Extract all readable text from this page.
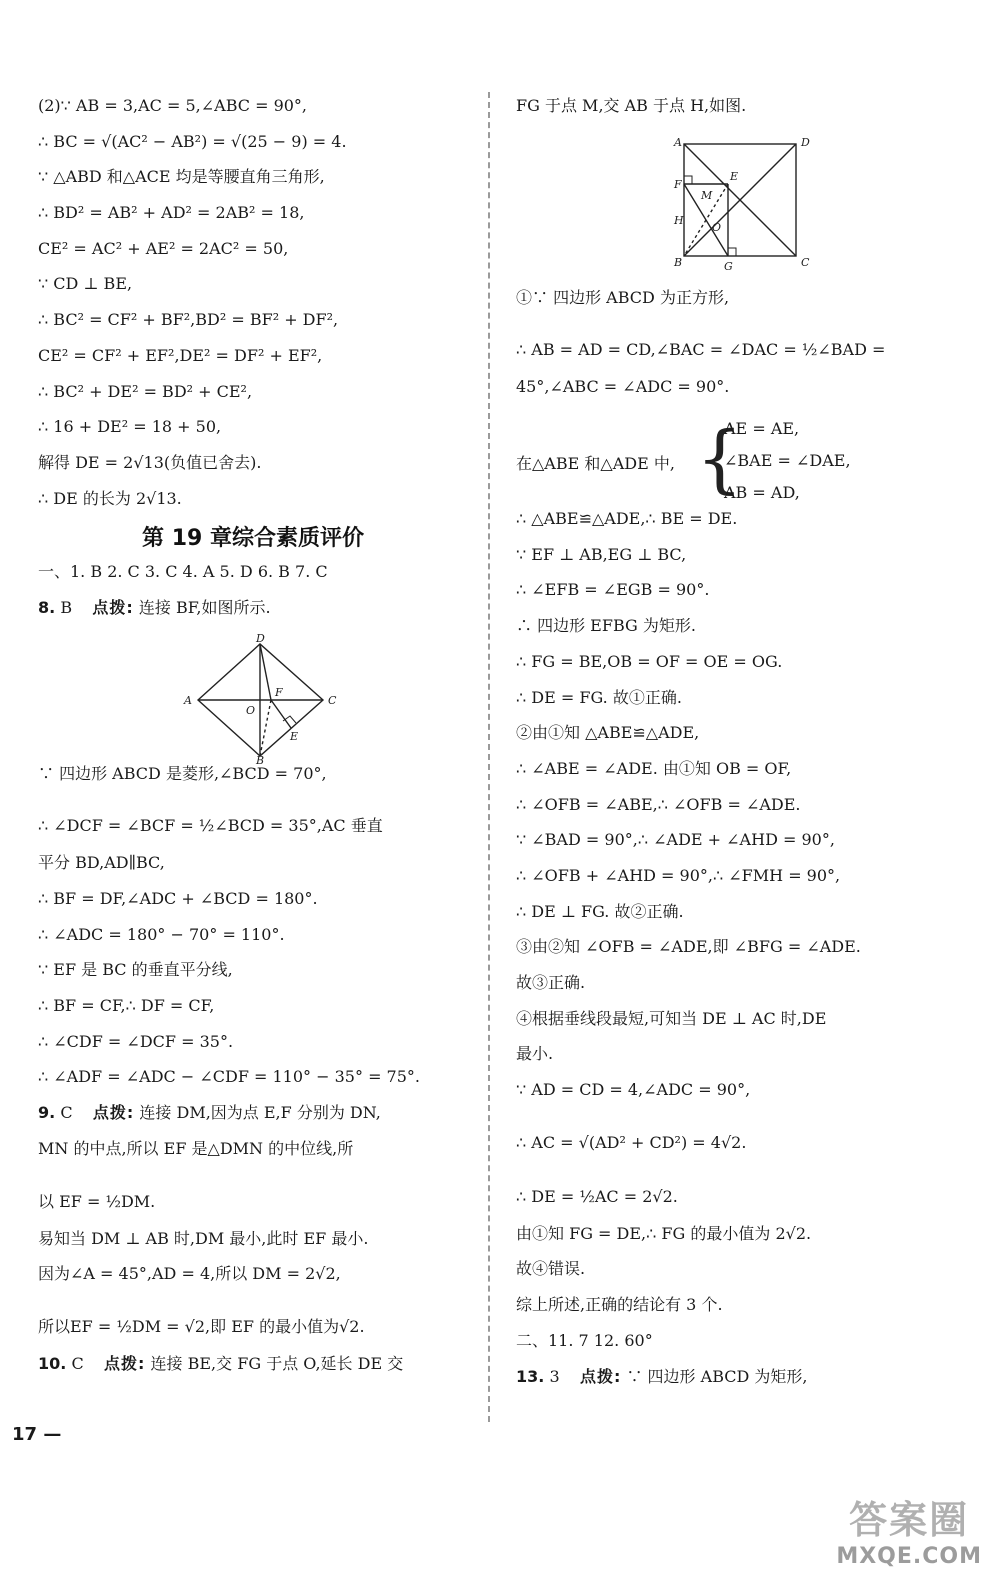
(2)∵ AB = 3,AC = 5,∠ABC = 90°,
∴ BC = √(AC² − AB²) = √(25 − 9) = 4.
∵ △ABD 和△ACE 均是等腰直角三角形,
∴ BD² = AB² + AD² = 2AB² = 18,
CE² = AC² + AE² = 2AC² = 50,
∵ CD ⊥ BE,
∴ BC² = CF² + BF²,BD² = BF² + DF²,
CE² = CF² + EF²,DE² = DF² + EF²,
∴ BC² + DE² = BD² + CE²,
∴ 16 + DE² = 18 + 50,
解得 DE = 2√13(负值已舍去).
∴ DE 的长为 2√13.
第 19 章综合素质评价
一、1. B 2. C 3. C 4. A 5. D 6. B 7. C
8. B 点拨: 连接 BF,如图所示.
D
A
O
F
C
E
B
∵ 四边形 ABCD 是菱形,∠BCD = 70°,
∴ ∠DCF = ∠BCF = ½∠BCD = 35°,AC 垂直
平分 BD,AD∥BC,
∴ BF = DF,∠ADC + ∠BCD = 180°.
∴ ∠ADC = 180° − 70° = 110°.
∵ EF 是 BC 的垂直平分线,
∴ BF = CF,∴ DF = CF,
∴ ∠CDF = ∠DCF = 35°.
∴ ∠ADF = ∠ADC − ∠CDF = 110° − 35° = 75°.
9. C 点拨: 连接 DM,因为点 E,F 分别为 DN,
MN 的中点,所以 EF 是△DMN 的中位线,所
以 EF = ½DM.
易知当 DM ⊥ AB 时,DM 最小,此时 EF 最小.
因为∠A = 45°,AD = 4,所以 DM = 2√2,
所以EF = ½DM = √2,即 EF 的最小值为√2.
10. C 点拨: 连接 BE,交 FG 于点 O,延长 DE 交
FG 于点 M,交 AB 于点 H,如图.
A	D
E
F
M
H
O
B	G	C
①∵ 四边形 ABCD 为正方形,
∴ AB = AD = CD,∠BAC = ∠DAC = ½∠BAD =
45°,∠ABC = ∠ADC = 90°.
在△ABE 和△ADE 中, {
AE = AE,
∠BAE = ∠DAE,
AB = AD,
∴ △ABE≌△ADE,∴ BE = DE.
∵ EF ⊥ AB,EG ⊥ BC,
∴ ∠EFB = ∠EGB = 90°.
∴ 四边形 EFBG 为矩形.
∴ FG = BE,OB = OF = OE = OG.
∴ DE = FG. 故①正确.
②由①知 △ABE≌△ADE,
∴ ∠ABE = ∠ADE. 由①知 OB = OF,
∴ ∠OFB = ∠ABE,∴ ∠OFB = ∠ADE.
∵ ∠BAD = 90°,∴ ∠ADE + ∠AHD = 90°,
∴ ∠OFB + ∠AHD = 90°,∴ ∠FMH = 90°,
∴ DE ⊥ FG. 故②正确.
③由②知 ∠OFB = ∠ADE,即 ∠BFG = ∠ADE.
故③正确.
④根据垂线段最短,可知当 DE ⊥ AC 时,DE
最小.
∵ AD = CD = 4,∠ADC = 90°,
∴ AC = √(AD² + CD²) = 4√2.
∴ DE = ½AC = 2√2.
由①知 FG = DE,∴ FG 的最小值为 2√2.
故④错误.
综上所述,正确的结论有 3 个.
二、11. 7 12. 60°
13. 3 点拨: ∵ 四边形 ABCD 为矩形,
17 —
答案圈
MXQE.COM
